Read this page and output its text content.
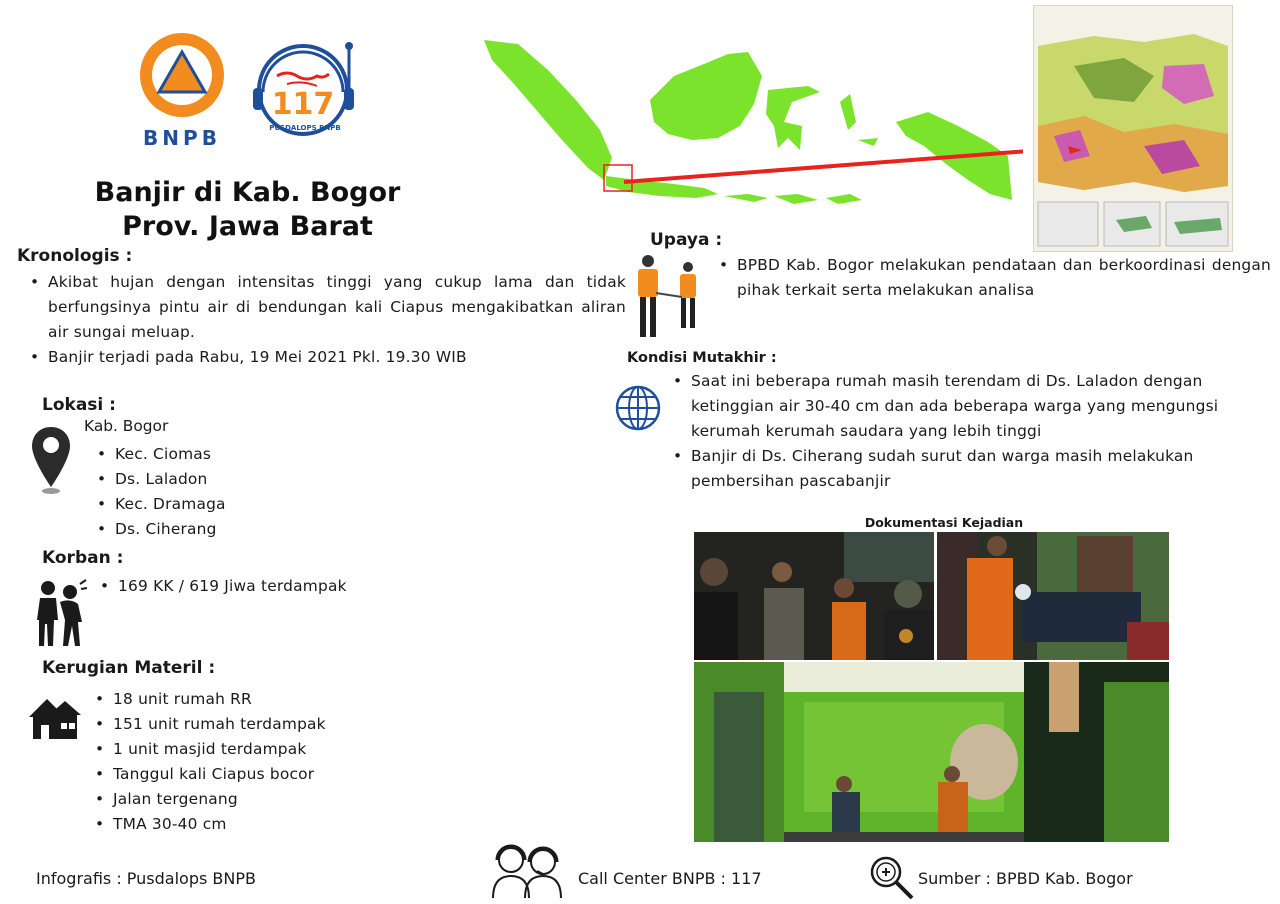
BNPB
117
PUSDALOPS BNPB
Banjir di Kab. Bogor
Prov. Jawa Barat
Kronologis :
• Akibat hujan dengan intensitas tinggi yang cukup lama dan tidak berfungsinya pintu air di bendungan kali Ciapus mengakibatkan aliran air sungai meluap.
• Banjir terjadi pada Rabu, 19 Mei 2021 Pkl. 19.30 WIB
Lokasi :
Kab. Bogor
• Kec. Ciomas
• Ds. Laladon
• Kec. Dramaga
• Ds. Ciherang
Korban :
• 169 KK / 619 Jiwa terdampak
Kerugian Materil :
• 18 unit rumah RR
• 151 unit rumah terdampak
• 1 unit masjid terdampak
• Tanggul kali Ciapus bocor
• Jalan tergenang
• TMA 30-40 cm
Upaya :
• BPBD Kab. Bogor melakukan pendataan dan berkoordinasi dengan pihak terkait serta melakukan analisa
Kondisi Mutakhir :
• Saat ini beberapa rumah masih terendam di Ds. Laladon dengan ketinggian air 30-40 cm dan ada beberapa warga yang mengungsi kerumah kerumah saudara yang lebih tinggi
• Banjir di Ds. Ciherang sudah surut dan warga masih melakukan pembersihan pascabanjir
Dokumentasi Kejadian
Infografis : Pusdalops BNPB	Call Center BNPB : 117	Sumber : BPBD Kab. Bogor
